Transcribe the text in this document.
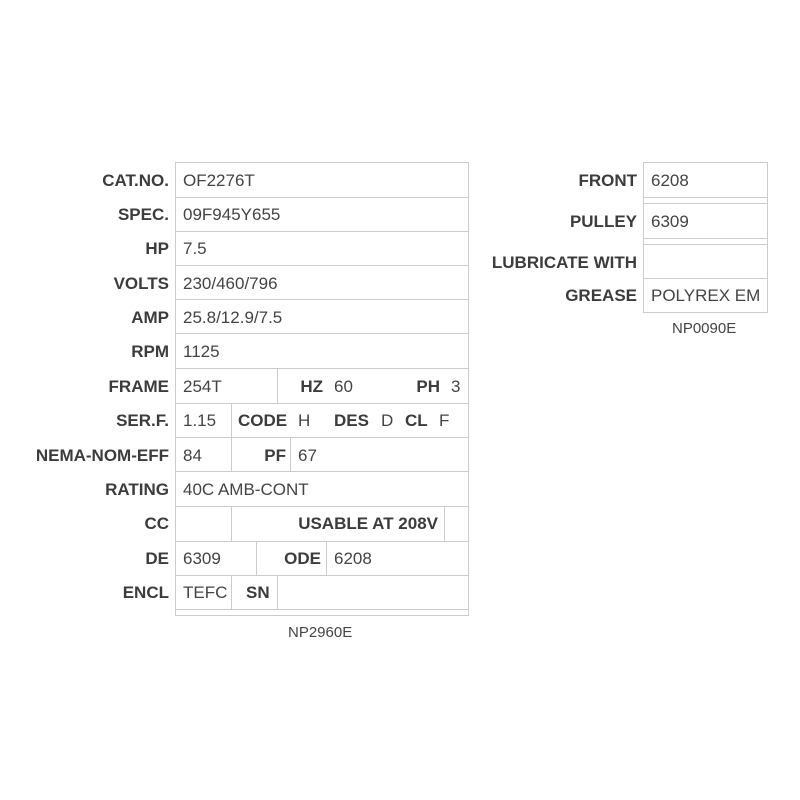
CAT.NO. OF2276T
SPEC. 09F945Y655
HP 7.5
VOLTS 230/460/796
AMP 25.8/12.9/7.5
RPM 1125
FRAME 254T	HZ 60	PH 3
SER.F. 1.15 CODE H DES D CL F
NEMA-NOM-EFF 84	PF 67
RATING 40C AMB-CONT
CC	USABLE AT 208V
DE 6309	ODE 6208
ENCL TEFC SN
NP2960E
FRONT 6208
PULLEY 6309
LUBRICATE WITH
GREASE POLYREX EM
NP0090E
